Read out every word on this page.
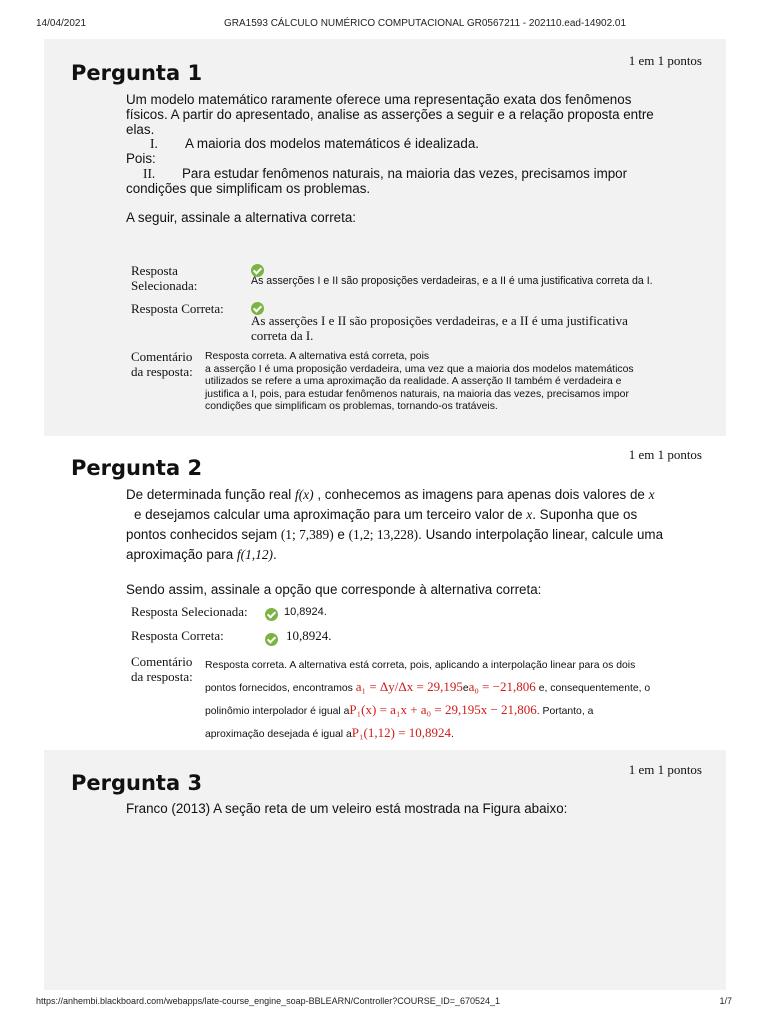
14/04/2021	GRA1593 CÁLCULO NUMÉRICO COMPUTACIONAL GR0567211 - 202110.ead-14902.01
Pergunta 1
1 em 1 pontos
Um modelo matemático raramente oferece uma representação exata dos fenômenos
físicos. A partir do apresentado, analise as asserções a seguir e a relação proposta entre
elas.
I. A maioria dos modelos matemáticos é idealizada.
Pois:
II. Para estudar fenômenos naturais, na maioria das vezes, precisamos impor
condições que simplificam os problemas.
A seguir, assinale a alternativa correta:
Resposta
Selecionada:	As asserções I e II são proposições verdadeiras, e a II é uma justificativa correta da I.
Resposta Correta:
As asserções I e II são proposições verdadeiras, e a II é uma justificativa
correta da I.
Comentário
da resposta:
Resposta correta. A alternativa está correta, pois
a asserção I é uma proposição verdadeira, uma vez que a maioria dos modelos matemáticos
utilizados se refere a uma aproximação da realidade. A asserção II também é verdadeira e
justifica a I, pois, para estudar fenômenos naturais, na maioria das vezes, precisamos impor
condições que simplificam os problemas, tornando-os tratáveis.
Pergunta 2
1 em 1 pontos
De determinada função real f(x) , conhecemos as imagens para apenas dois valores de x
e desejamos calcular uma aproximação para um terceiro valor de x. Suponha que os
pontos conhecidos sejam (1; 7,389) e (1,2; 13,228). Usando interpolação linear, calcule uma
aproximação para f(1,12).
Sendo assim, assinale a opção que corresponde à alternativa correta:
Resposta Selecionada:	10,8924.
Resposta Correta:	10,8924.
Comentário
da resposta:
Resposta correta. A alternativa está correta, pois, aplicando a interpolação linear para os dois
pontos fornecidos, encontramos a₁ = Δy/Δx = 29,195ea₀ = −21,806 e, consequentemente, o
polinômio interpolador é igual aP₁(x) = a₁x + a₀ = 29,195x − 21,806. Portanto, a
aproximação desejada é igual aP₁(1,12) = 10,8924.
Pergunta 3
1 em 1 pontos
Franco (2013) A seção reta de um veleiro está mostrada na Figura abaixo:
https://anhembi.blackboard.com/webapps/late-course_engine_soap-BBLEARN/Controller?COURSE_ID=_670524_1	1/7
